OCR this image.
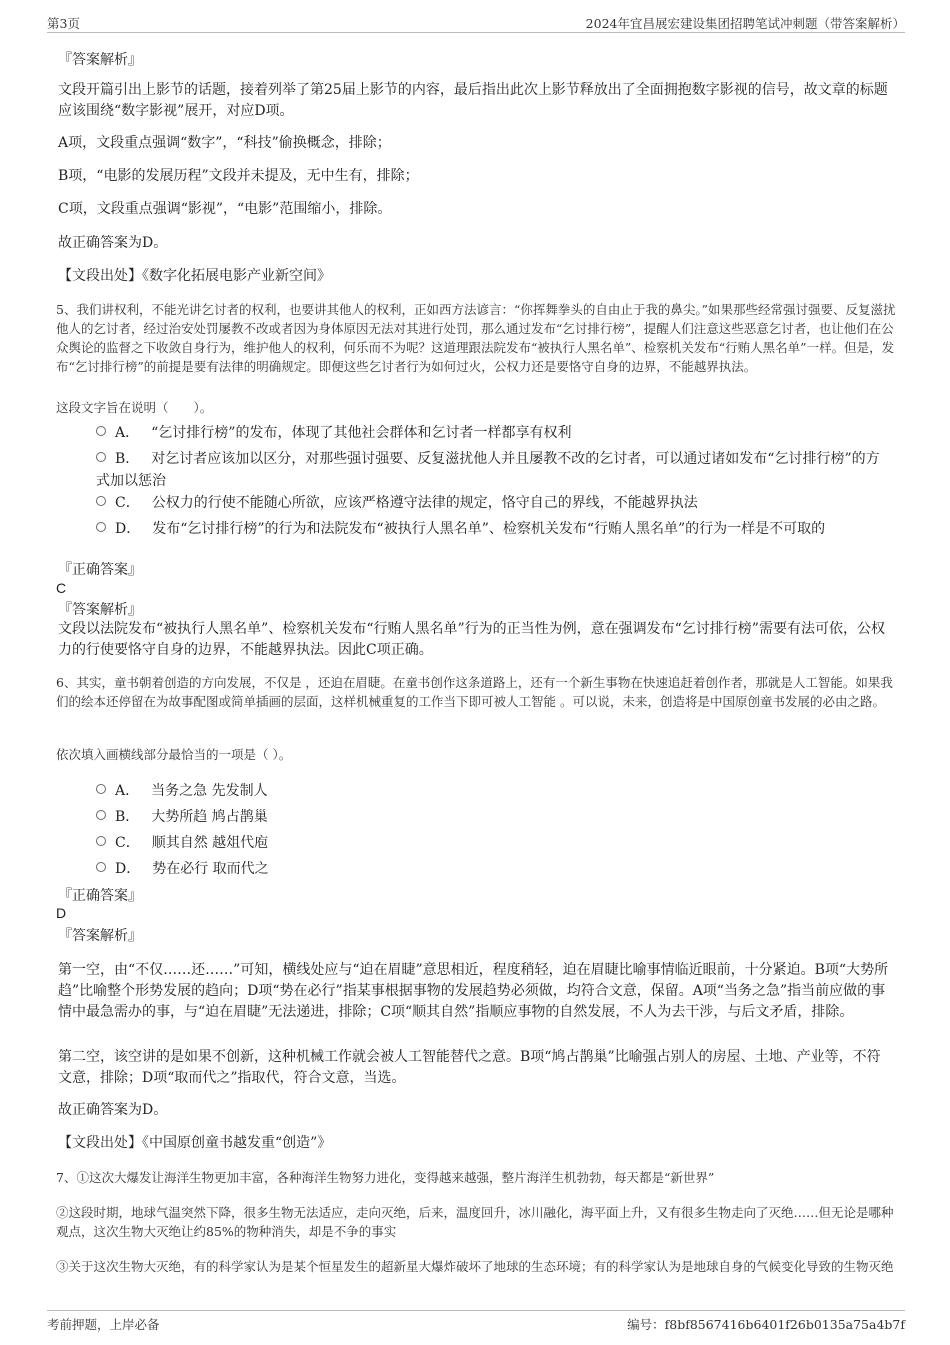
第3页	2024年宜昌展宏建设集团招聘笔试冲刺题（带答案解析）
『答案解析』
文段开篇引出上影节的话题，接着列举了第25届上影节的内容，最后指出此次上影节释放出了全面拥抱数字影视的信号，故文章的标题应该围绕“数字影视”展开，对应D项。
A项，文段重点强调“数字”，“科技”偷换概念，排除；
B项，“电影的发展历程”文段并未提及，无中生有，排除；
C项，文段重点强调“影视”，“电影”范围缩小，排除。
故正确答案为D。
【文段出处】《数字化拓展电影产业新空间》
5、我们讲权利，不能光讲乞讨者的权利，也要讲其他人的权利，正如西方法谚言：“你挥舞拳头的自由止于我的鼻尖。”如果那些经常强讨强要、反复滋扰他人的乞讨者，经过治安处罚屡教不改或者因为身体原因无法对其进行处罚，那么通过发布“乞讨排行榜”，提醒人们注意这些恶意乞讨者，也让他们在公众舆论的监督之下收敛自身行为，维护他人的权利，何乐而不为呢？这道理跟法院发布“被执行人黑名单”、检察机关发布“行贿人黑名单”一样。但是，发布“乞讨排行榜”的前提是要有法律的明确规定。即便这些乞讨者行为如何过火，公权力还是要恪守自身的边界，不能越界执法。
这段文字旨在说明（　　）。
A． “乞讨排行榜”的发布，体现了其他社会群体和乞讨者一样都享有权利
B． 对乞讨者应该加以区分，对那些强讨强要、反复滋扰他人并且屡教不改的乞讨者，可以通过诸如发布“乞讨排行榜”的方式加以惩治
C． 公权力的行使不能随心所欲，应该严格遵守法律的规定，恪守自己的界线，不能越界执法
D． 发布“乞讨排行榜”的行为和法院发布“被执行人黑名单”、检察机关发布“行贿人黑名单”的行为一样是不可取的
『正确答案』
C
『答案解析』
文段以法院发布“被执行人黑名单”、检察机关发布“行贿人黑名单”行为的正当性为例，意在强调发布“乞讨排行榜”需要有法可依，公权力的行使要恪守自身的边界，不能越界执法。因此C项正确。
6、其实，童书朝着创造的方向发展，不仅是 ，还迫在眉睫。在童书创作这条道路上，还有一个新生事物在快速追赶着创作者，那就是人工智能。如果我们的绘本还停留在为故事配图或简单插画的层面，这样机械重复的工作当下即可被人工智能 。可以说，未来，创造将是中国原创童书发展的必由之路。
依次填入画横线部分最恰当的一项是（ ）。
A． 当务之急 先发制人
B． 大势所趋 鸠占鹊巢
C． 顺其自然 越俎代庖
D． 势在必行 取而代之
『正确答案』
D
『答案解析』
第一空，由“不仅……还……”可知，横线处应与“迫在眉睫”意思相近，程度稍轻，迫在眉睫比喻事情临近眼前，十分紧迫。B项“大势所趋”比喻整个形势发展的趋向；D项“势在必行”指某事根据事物的发展趋势必须做，均符合文意，保留。A项“当务之急”指当前应做的事情中最急需办的事，与“迫在眉睫”无法递进，排除；C项“顺其自然”指顺应事物的自然发展，不人为去干涉，与后文矛盾，排除。
第二空，该空讲的是如果不创新，这种机械工作就会被人工智能替代之意。B项“鸠占鹊巢”比喻强占别人的房屋、土地、产业等，不符文意，排除；D项“取而代之”指取代，符合文意，当选。
故正确答案为D。
【文段出处】《中国原创童书越发重“创造”》
7、①这次大爆发让海洋生物更加丰富，各种海洋生物努力进化，变得越来越强，整片海洋生机勃勃，每天都是“新世界”
②这段时期，地球气温突然下降，很多生物无法适应，走向灭绝，后来，温度回升，冰川融化，海平面上升，又有很多生物走向了灭绝……但无论是哪种观点，这次生物大灭绝让约85%的物种消失，却是不争的事实
③关于这次生物大灭绝，有的科学家认为是某个恒星发生的超新星大爆炸破坏了地球的生态环境；有的科学家认为是地球自身的气候变化导致的生物灭绝
考前押题，上岸必备	编号：f8bf8567416b6401f26b0135a75a4b7f
